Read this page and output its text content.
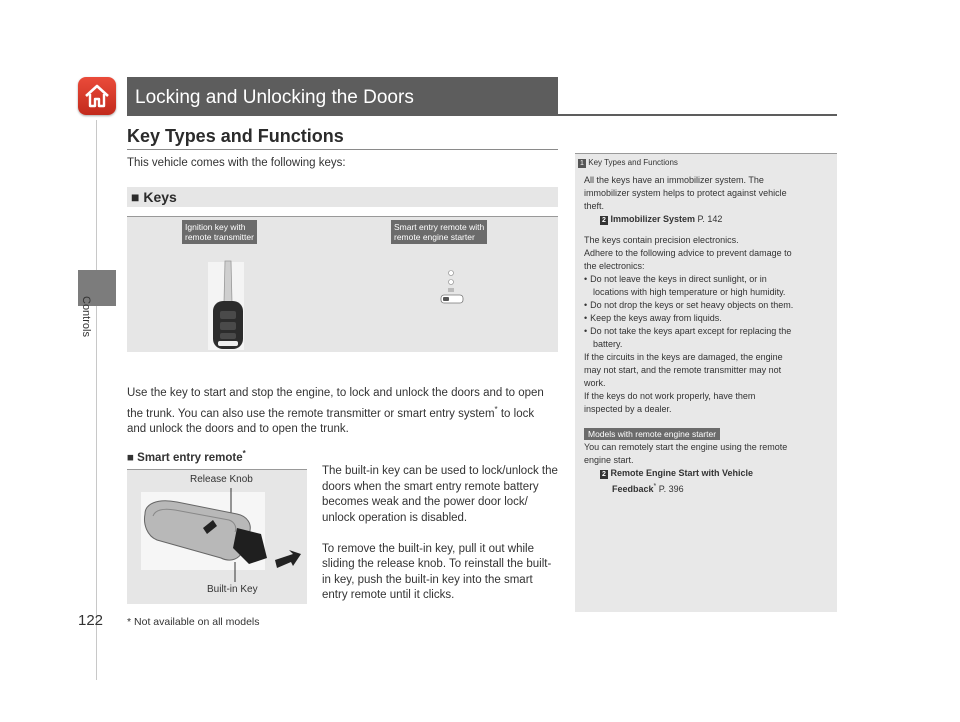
Controls
122
Locking and Unlocking the Doors
Key Types and Functions
This vehicle comes with the following keys:
■ Keys
Ignition key with
remote transmitter
Smart entry remote with
remote engine starter
Use the key to start and stop the engine, to lock and unlock the doors and to open
the trunk. You can also use the remote transmitter or smart entry system* to lock
and unlock the doors and to open the trunk.
■ Smart entry remote*
Release Knob
Built-in Key
The built-in key can be used to lock/unlock the
doors when the smart entry remote battery
becomes weak and the power door lock/
unlock operation is disabled.
To remove the built-in key, pull it out while
sliding the release knob. To reinstall the built-
in key, push the built-in key into the smart
entry remote until it clicks.
* Not available on all models
1 Key Types and Functions
All the keys have an immobilizer system. The
immobilizer system helps to protect against vehicle
theft.
2 Immobilizer System P. 142
The keys contain precision electronics.
Adhere to the following advice to prevent damage to
the electronics:
• Do not leave the keys in direct sunlight, or in
locations with high temperature or high humidity.
• Do not drop the keys or set heavy objects on them.
• Keep the keys away from liquids.
• Do not take the keys apart except for replacing the
battery.
If the circuits in the keys are damaged, the engine
may not start, and the remote transmitter may not
work.
If the keys do not work properly, have them
inspected by a dealer.
Models with remote engine starter
You can remotely start the engine using the remote
engine start.
2 Remote Engine Start with Vehicle
Feedback* P. 396
